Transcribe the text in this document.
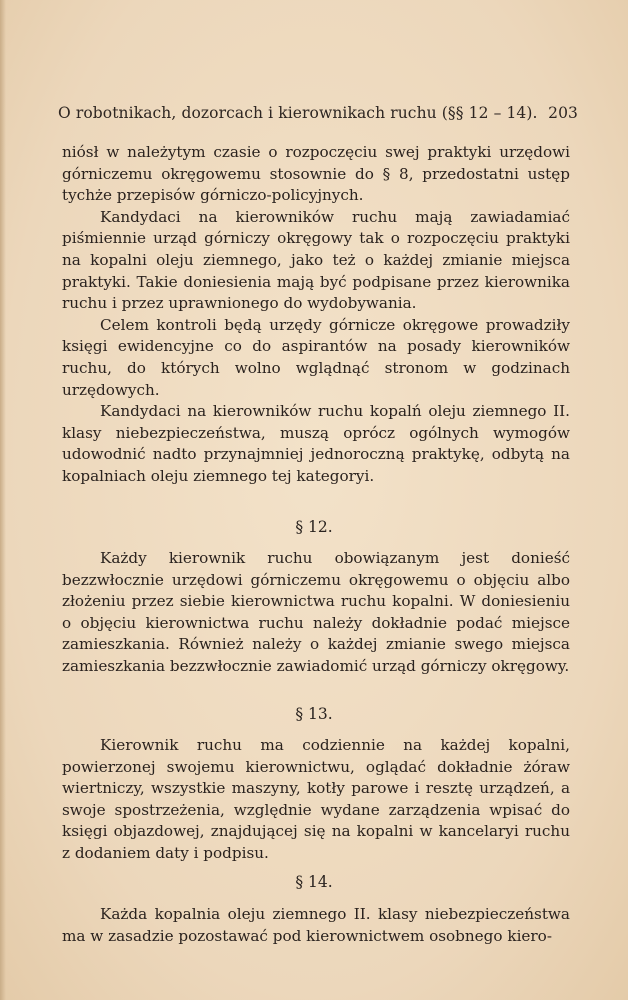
O robotnikach, dozorcach i kierownikach ruchu (§§ 12 – 14). 203

niósł w należytym czasie o rozpoczęciu swej praktyki urzędowi górniczemu okręgowemu stosownie do § 8, przedostatni ustęp tychże przepisów górniczo-policyjnych.

Kandydaci na kierowników ruchu mają zawiadamiać piśmiennie urząd górniczy okręgowy tak o rozpoczęciu praktyki na kopalni oleju ziemnego, jako też o każdej zmianie miejsca praktyki. Takie doniesienia mają być podpisane przez kierownika ruchu i przez uprawnionego do wydobywania.

Celem kontroli będą urzędy górnicze okręgowe prowadziły księgi ewidencyjne co do aspirantów na posady kierowników ruchu, do których wolno wglądnąć stronom w godzinach urzędowych.

Kandydaci na kierowników ruchu kopalń oleju ziemnego II. klasy niebezpieczeństwa, muszą oprócz ogólnych wymogów udowodnić nadto przynajmniej jednoroczną praktykę, odbytą na kopalniach oleju ziemnego tej kategoryi.

§ 12.

Każdy kierownik ruchu obowiązanym jest donieść bezzwłocznie urzędowi górniczemu okręgowemu o objęciu albo złożeniu przez siebie kierownictwa ruchu kopalni. W doniesieniu o objęciu kierownictwa ruchu należy dokładnie podać miejsce zamieszkania. Również należy o każdej zmianie swego miejsca zamieszkania bezzwłocznie zawiadomić urząd górniczy okręgowy.

§ 13.

Kierownik ruchu ma codziennie na każdej kopalni, powierzonej swojemu kierownictwu, oglądać dokładnie żóraw wiertniczy, wszystkie maszyny, kotły parowe i resztę urządzeń, a swoje spostrzeżenia, względnie wydane zarządzenia wpisać do księgi objazdowej, znajdującej się na kopalni w kancelaryi ruchu z dodaniem daty i podpisu.

§ 14.

Każda kopalnia oleju ziemnego II. klasy niebezpieczeństwa ma w zasadzie pozostawać pod kierownictwem osobnego kiero-
